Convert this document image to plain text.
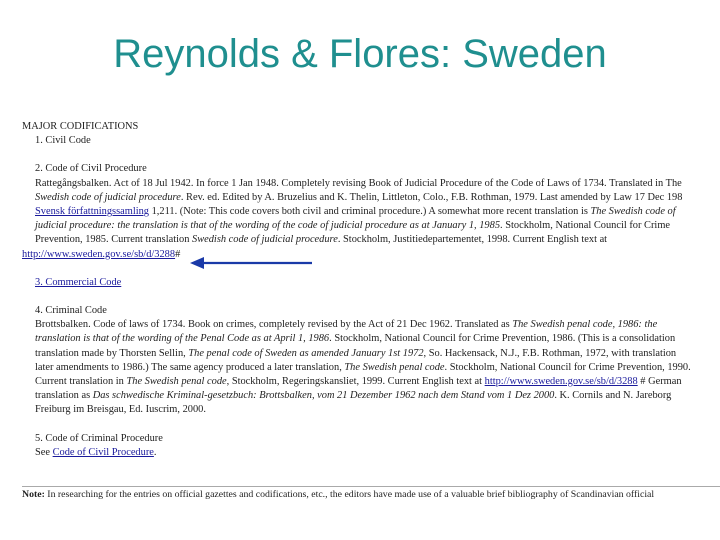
Reynolds & Flores: Sweden
MAJOR CODIFICATIONS
1. Civil Code
2. Code of Civil Procedure
Rattegångsbalken. Act of 18 Jul 1942. In force 1 Jan 1948. Completely revising Book of Judicial Procedure of the Code of Laws of 1734. Translated in The
Swedish code of judicial procedure. Rev. ed. Edited by A. Bruzelius and K. Thelin, Littleton, Colo., F.B. Rothman, 1979. Last amended by Law 17 Dec 198
Svensk författningssamling 1,211. (Note: This code covers both civil and criminal procedure.) A somewhat more recent translation is The Swedish code of
judicial procedure: the translation is that of the wording of the code of judicial procedure as at January 1, 1985. Stockholm, National Council for Crime
Prevention, 1985. Current translation Swedish code of judicial procedure. Stockholm, Justitiedepartementet, 1998. Current English text at
http://www.sweden.gov.se/sb/d/3288#
3. Commercial Code
4. Criminal Code
Brottsbalken. Code of laws of 1734. Book on crimes, completely revised by the Act of 21 Dec 1962. Translated as The Swedish penal code, 1986: the
translation is that of the wording of the Penal Code as at April 1, 1986. Stockholm, National Council for Crime Prevention, 1986. (This is a consolidation
translation made by Thorsten Sellin, The penal code of Sweden as amended January 1st 1972, So. Hackensack, N.J., F.B. Rothman, 1972, with translation
later amendments to 1986.) The same agency produced a later translation, The Swedish penal code. Stockholm, National Council for Crime Prevention, 1990.
Current translation in The Swedish penal code, Stockholm, Regeringskansliet, 1999. Current English text at http://www.sweden.gov.se/sb/d/3288 # German
translation as Das schwedische Kriminal-gesetzbuch: Brottsbalken, vom 21 Dezember 1962 nach dem Stand vom 1 Dez 2000. K. Cornils and N. Jareborg
Freiburg im Breisgau, Ed. Iuscrim, 2000.
5. Code of Criminal Procedure
See Code of Civil Procedure.
Note: In researching for the entries on official gazettes and codifications, etc., the editors have made use of a valuable brief bibliography of Scandinavian official
